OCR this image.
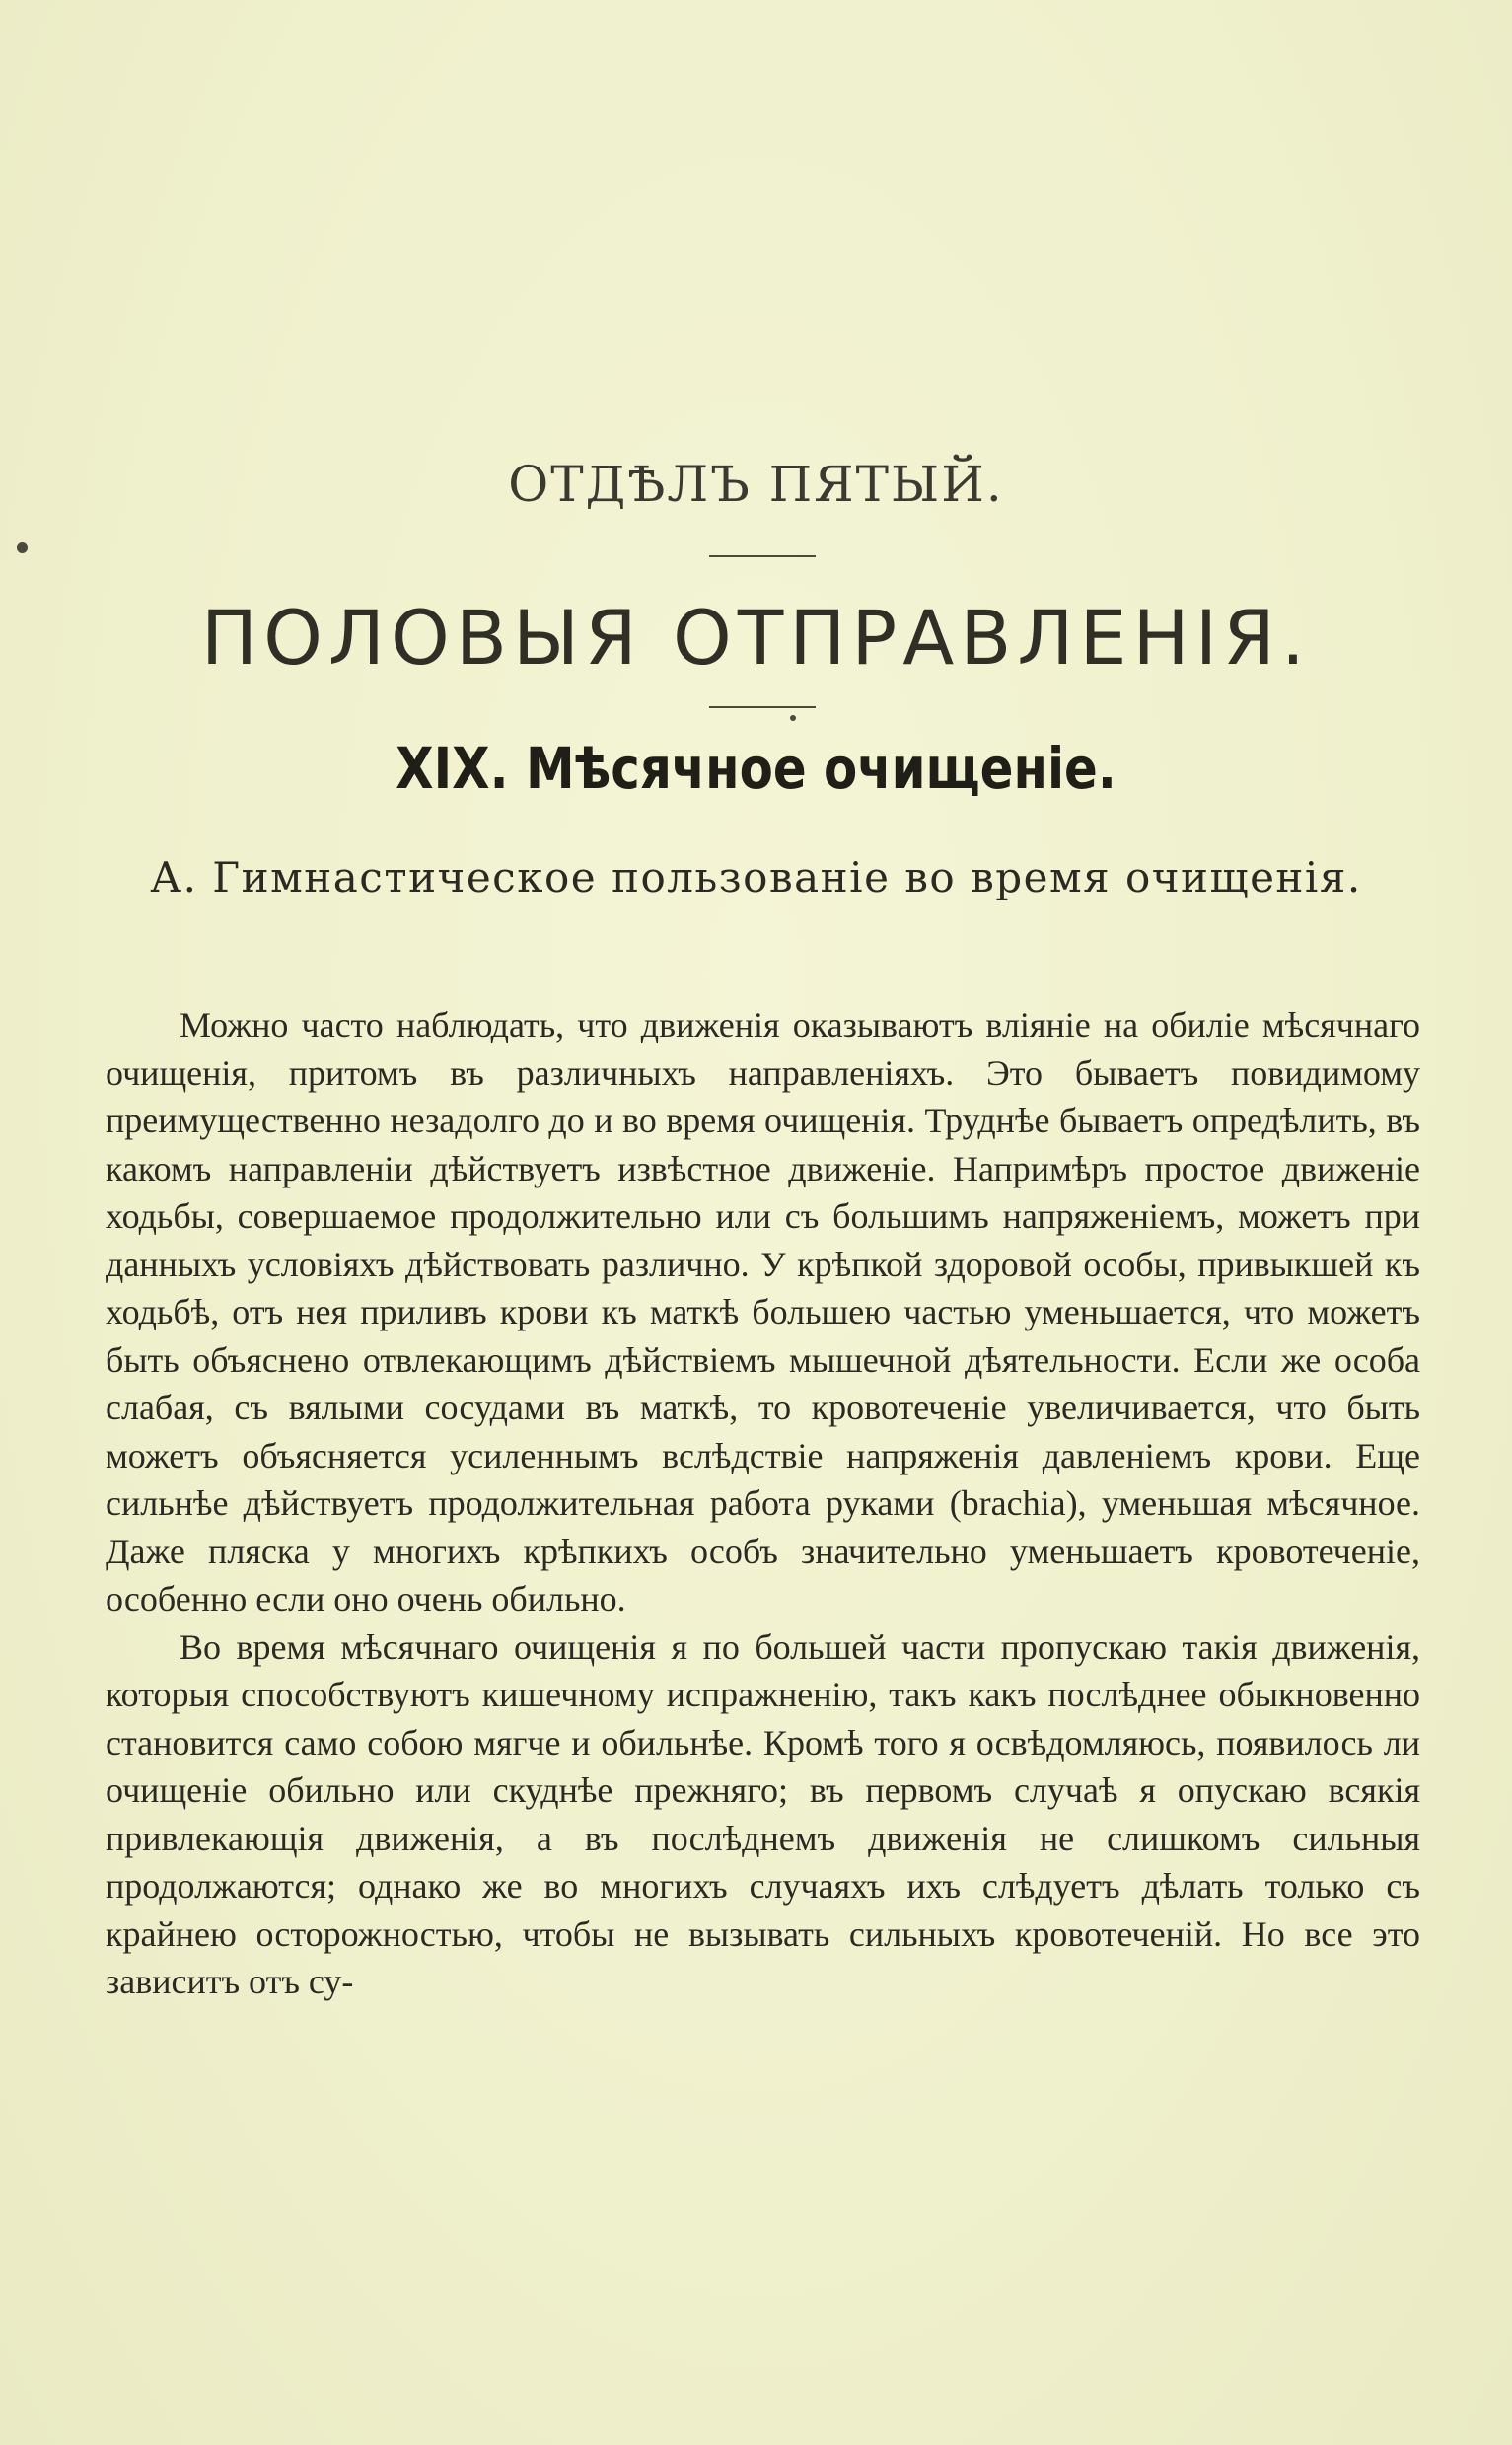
ОТДѢЛЪ ПЯТЫЙ.
ПОЛОВЫЯ ОТПРАВЛЕНІЯ.
XIX. Мѣсячное очищеніе.
А. Гимнастическое пользованіе во время очищенія.

Можно часто наблюдать, что движенія оказываютъ вліяніе на обиліе мѣсячнаго очищенія, притомъ въ различныхъ направленіяхъ. Это бываетъ повидимому преимущественно незадолго до и во время очищенія. Труднѣе бываетъ опредѣлить, въ какомъ направленіи дѣйствуетъ извѣстное движеніе. Напримѣръ простое движеніе ходьбы, совершаемое продолжительно или съ большимъ напряженіемъ, можетъ при данныхъ условіяхъ дѣйствовать различно. У крѣпкой здоровой особы, привыкшей къ ходьбѣ, отъ нея приливъ крови къ маткѣ большею частью уменьшается, что можетъ быть объяснено отвлекающимъ дѣйствіемъ мышечной дѣятельности. Если же особа слабая, съ вялыми сосудами въ маткѣ, то кровотеченіе увеличивается, что быть можетъ объясняется усиленнымъ вслѣдствіе напряженія давленіемъ крови. Еще сильнѣе дѣйствуетъ продолжительная работа руками (brachia), уменьшая мѣсячное. Даже пляска у многихъ крѣпкихъ особъ значительно уменьшаетъ кровотеченіе, особенно если оно очень обильно.

Во время мѣсячнаго очищенія я по большей части пропускаю такія движенія, которыя способствуютъ кишечному испражненію, такъ какъ послѣднее обыкновенно становится само собою мягче и обильнѣе. Кромѣ того я освѣдомляюсь, появилось ли очищеніе обильно или скуднѣе прежняго; въ первомъ случаѣ я опускаю всякія привлекающія движенія, а въ послѣднемъ движенія не слишкомъ сильныя продолжаются; однако же во многихъ случаяхъ ихъ слѣдуетъ дѣлать только съ крайнею осторожностью, чтобы не вызывать сильныхъ кровотеченій. Но все это зависитъ отъ су-
